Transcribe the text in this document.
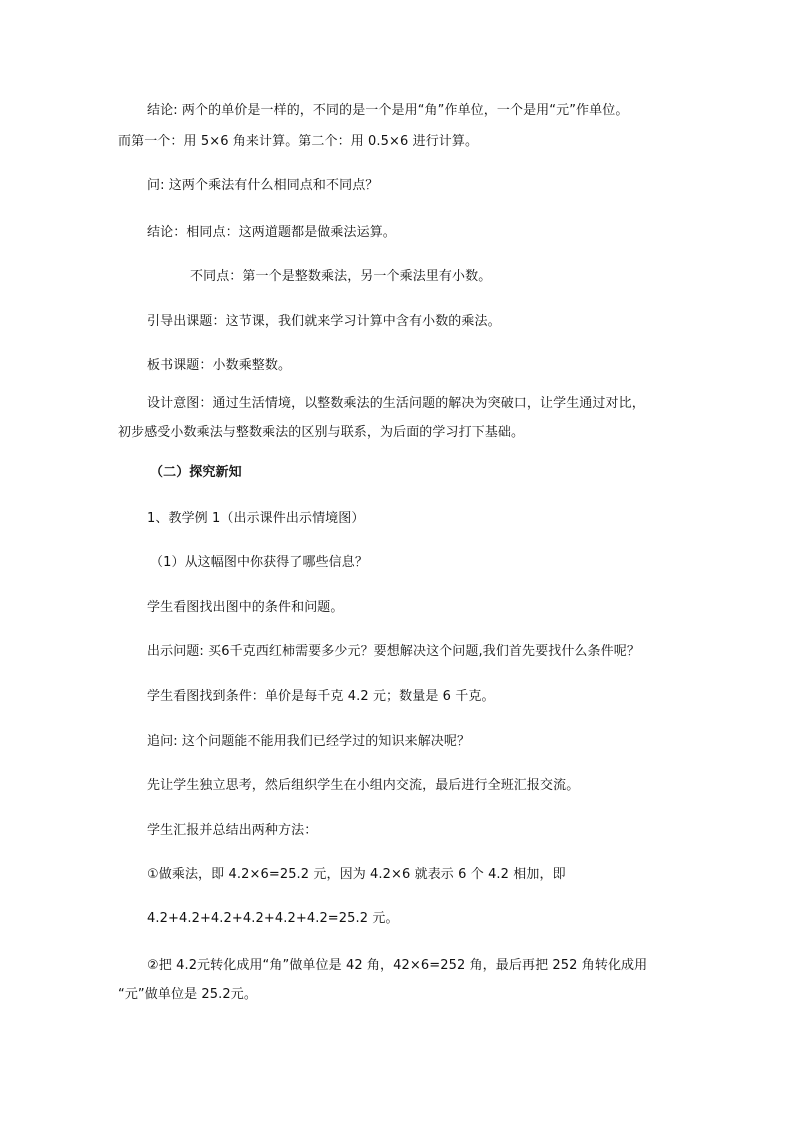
结论: 两个的单价是一样的，不同的是一个是用“角”作单位，一个是用“元”作单位。
而第一个：用 5×6 角来计算。第二个：用 0.5×6 进行计算。
问: 这两个乘法有什么相同点和不同点？
结论：相同点：这两道题都是做乘法运算。
不同点：第一个是整数乘法，另一个乘法里有小数。
引导出课题：这节课，我们就来学习计算中含有小数的乘法。
板书课题：小数乘整数。
设计意图：通过生活情境，以整数乘法的生活问题的解决为突破口，让学生通过对比，
初步感受小数乘法与整数乘法的区别与联系，为后面的学习打下基础。
（二）探究新知
1、教学例 1（出示课件出示情境图）
（1）从这幅图中你获得了哪些信息？
学生看图找出图中的条件和问题。
出示问题: 买6千克西红柿需要多少元？要想解决这个问题,我们首先要找什么条件呢？
学生看图找到条件：单价是每千克 4.2 元；数量是 6 千克。
追问: 这个问题能不能用我们已经学过的知识来解决呢？
先让学生独立思考，然后组织学生在小组内交流，最后进行全班汇报交流。
学生汇报并总结出两种方法：
①做乘法，即 4.2×6=25.2 元，因为 4.2×6 就表示 6 个 4.2 相加，即
4.2+4.2+4.2+4.2+4.2+4.2=25.2 元。
②把 4.2元转化成用“角”做单位是 42 角，42×6=252 角，最后再把 252 角转化成用
“元”做单位是 25.2元。
